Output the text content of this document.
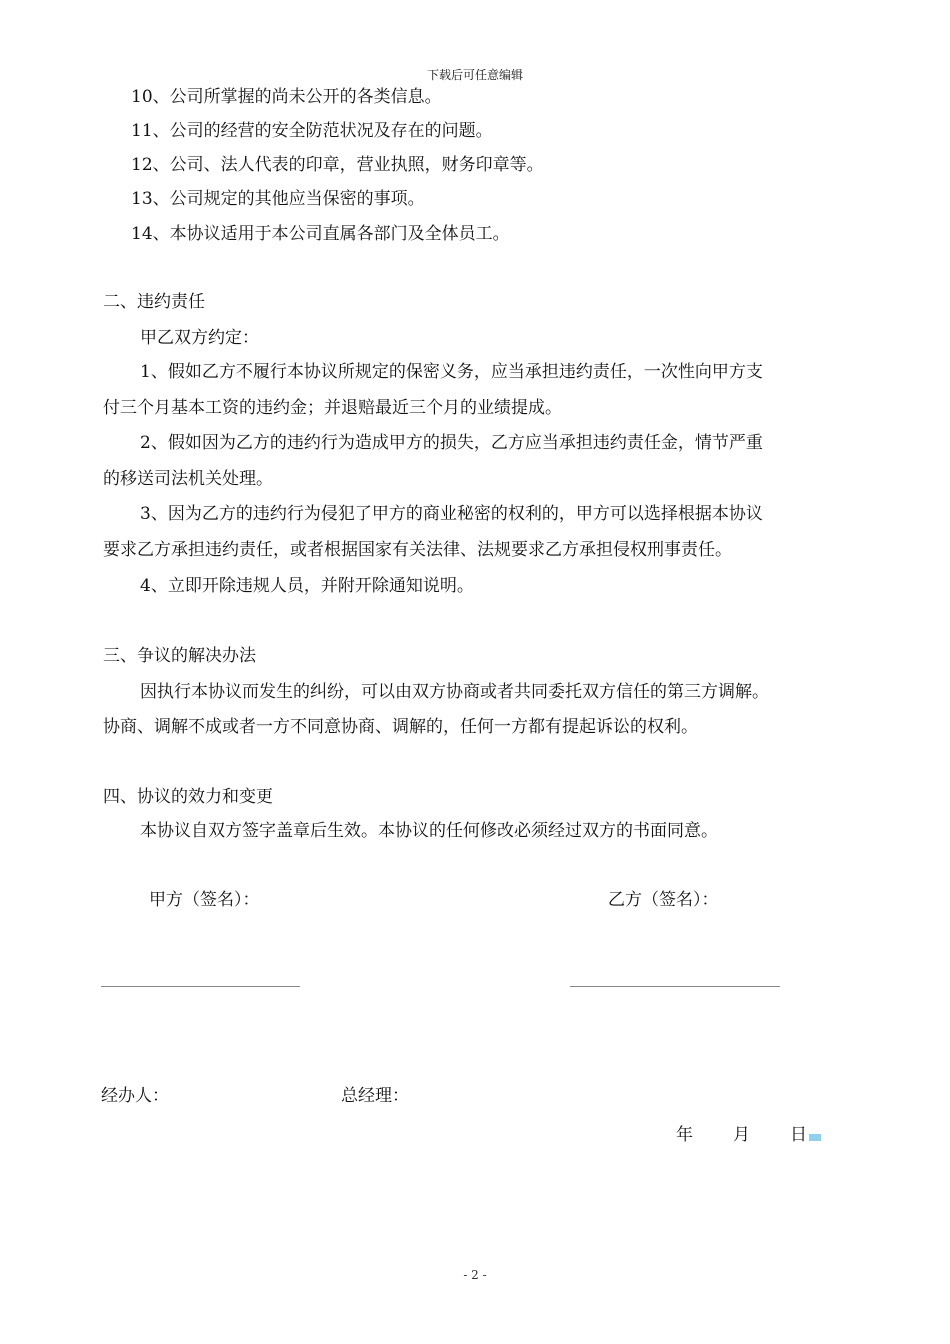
下载后可任意编辑
10、公司所掌握的尚未公开的各类信息。
11、公司的经营的安全防范状况及存在的问题。
12、公司、法人代表的印章，营业执照，财务印章等。
13、公司规定的其他应当保密的事项。
14、本协议适用于本公司直属各部门及全体员工。
二、违约责任
甲乙双方约定：
1、假如乙方不履行本协议所规定的保密义务，应当承担违约责任，一次性向甲方支
付三个月基本工资的违约金；并退赔最近三个月的业绩提成。
2、假如因为乙方的违约行为造成甲方的损失，乙方应当承担违约责任金，情节严重
的移送司法机关处理。
3、因为乙方的违约行为侵犯了甲方的商业秘密的权利的，甲方可以选择根据本协议
要求乙方承担违约责任，或者根据国家有关法律、法规要求乙方承担侵权刑事责任。
4、立即开除违规人员，并附开除通知说明。
三、争议的解决办法
因执行本协议而发生的纠纷，可以由双方协商或者共同委托双方信任的第三方调解。
协商、调解不成或者一方不同意协商、调解的，任何一方都有提起诉讼的权利。
四、协议的效力和变更
本协议自双方签字盖章后生效。本协议的任何修改必须经过双方的书面同意。
甲方（签名）：	乙方（签名）：
经办人：	总经理：
年 月 日
- 2 -
